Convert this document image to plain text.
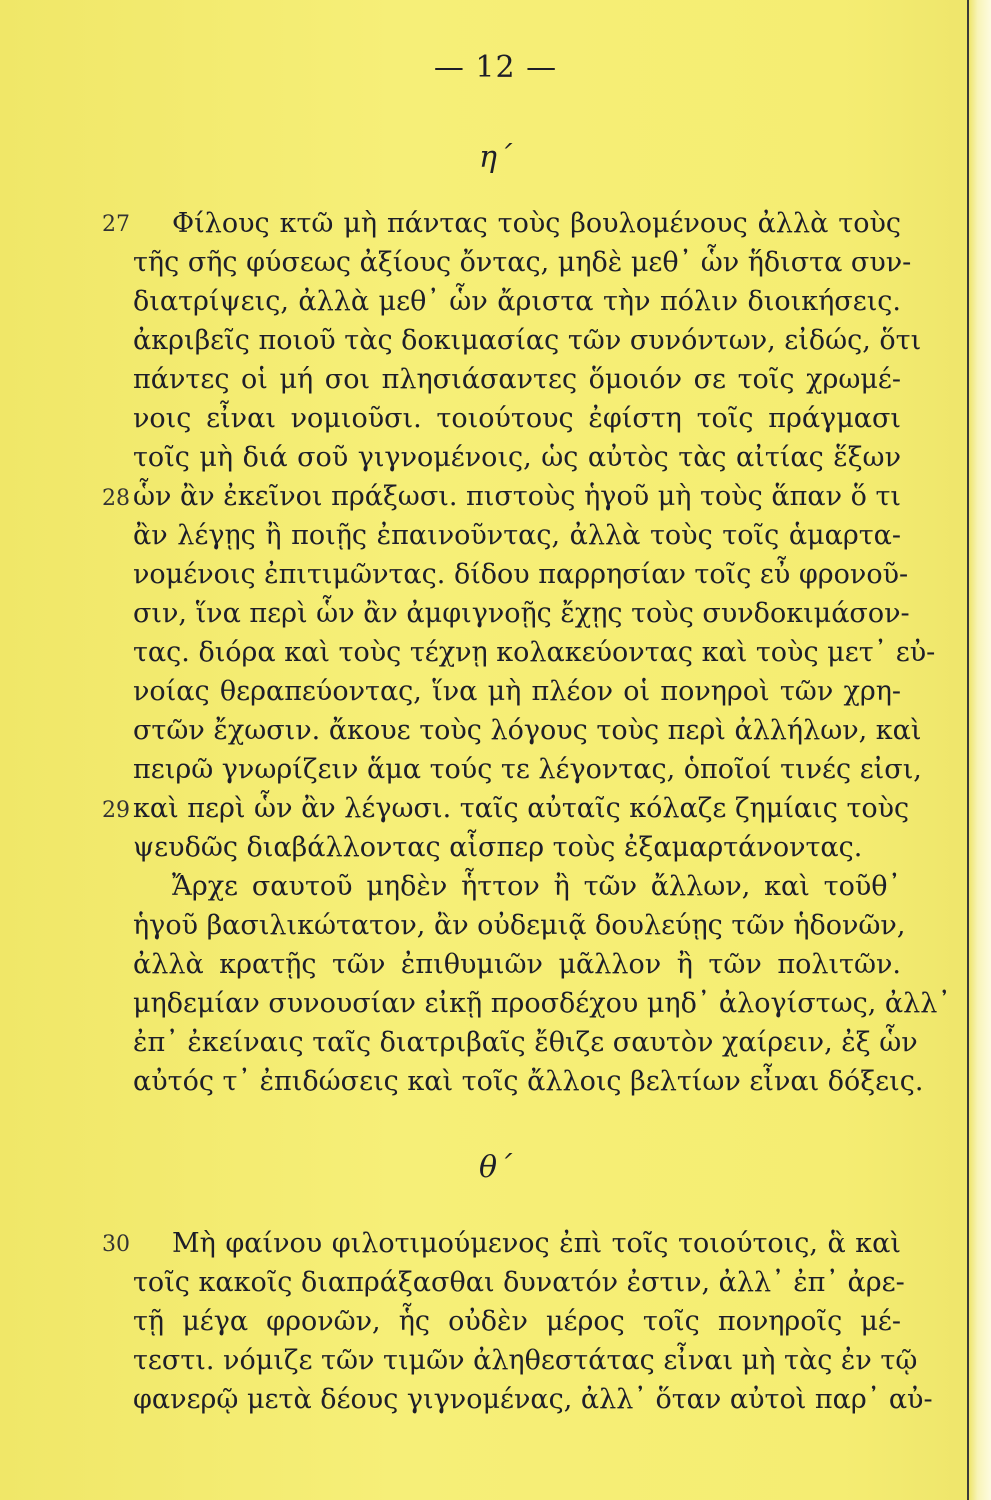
— 12 —
η΄
27 Φίλους κτῶ μὴ πάντας τοὺς βουλομένους ἀλλὰ τοὺς
τῆς σῆς φύσεως ἀξίους ὄντας, μηδὲ μεθ᾽ ὧν ἥδιστα συν-
διατρίψεις, ἀλλὰ μεθ᾽ ὧν ἄριστα τὴν πόλιν διοικήσεις.
ἀκριβεῖς ποιοῦ τὰς δοκιμασίας τῶν συνόντων, εἰδώς, ὅτι
πάντες οἱ μή σοι πλησιάσαντες ὅμοιόν σε τοῖς χρωμέ-
νοις εἶναι νομιοῦσι. τοιούτους ἐφίστη τοῖς πράγμασι
τοῖς μὴ διά σοῦ γιγνομένοις, ὡς αὐτὸς τὰς αἰτίας ἕξων
28 ὧν ἂν ἐκεῖνοι πράξωσι. πιστοὺς ἡγοῦ μὴ τοὺς ἅπαν ὅ τι
ἂν λέγῃς ἢ ποιῇς ἐπαινοῦντας, ἀλλὰ τοὺς τοῖς ἁμαρτα-
νομένοις ἐπιτιμῶντας. δίδου παρρησίαν τοῖς εὖ φρονοῦ-
σιν, ἵνα περὶ ὧν ἂν ἀμφιγνοῇς ἔχῃς τοὺς συνδοκιμάσον-
τας. διόρα καὶ τοὺς τέχνῃ κολακεύοντας καὶ τοὺς μετ᾽ εὐ-
νοίας θεραπεύοντας, ἵνα μὴ πλέον οἱ πονηροὶ τῶν χρη-
στῶν ἔχωσιν. ἄκουε τοὺς λόγους τοὺς περὶ ἀλλήλων, καὶ
πειρῶ γνωρίζειν ἅμα τούς τε λέγοντας, ὁποῖοί τινές εἰσι,
29 καὶ περὶ ὧν ἂν λέγωσι. ταῖς αὐταῖς κόλαζε ζημίαις τοὺς
ψευδῶς διαβάλλοντας αἷσπερ τοὺς ἐξαμαρτάνοντας.
Ἄρχε σαυτοῦ μηδὲν ἧττον ἢ τῶν ἄλλων, καὶ τοῦθ᾽
ἡγοῦ βασιλικώτατον, ἂν οὐδεμιᾷ δουλεύῃς τῶν ἡδονῶν,
ἀλλὰ κρατῇς τῶν ἐπιθυμιῶν μᾶλλον ἢ τῶν πολιτῶν.
μηδεμίαν συνουσίαν εἰκῇ προσδέχου μηδ᾽ ἀλογίστως, ἀλλ᾽
ἐπ᾽ ἐκείναις ταῖς διατριβαῖς ἔθιζε σαυτὸν χαίρειν, ἐξ ὧν
αὐτός τ᾽ ἐπιδώσεις καὶ τοῖς ἄλλοις βελτίων εἶναι δόξεις.
θ΄
30 Μὴ φαίνου φιλοτιμούμενος ἐπὶ τοῖς τοιούτοις, ἃ καὶ
τοῖς κακοῖς διαπράξασθαι δυνατόν ἐστιν, ἀλλ᾽ ἐπ᾽ ἀρε-
τῇ μέγα φρονῶν, ἧς οὐδὲν μέρος τοῖς πονηροῖς μέ-
τεστι. νόμιζε τῶν τιμῶν ἀληθεστάτας εἶναι μὴ τὰς ἐν τῷ
φανερῷ μετὰ δέους γιγνομένας, ἀλλ᾽ ὅταν αὐτοὶ παρ᾽ αὐ-
